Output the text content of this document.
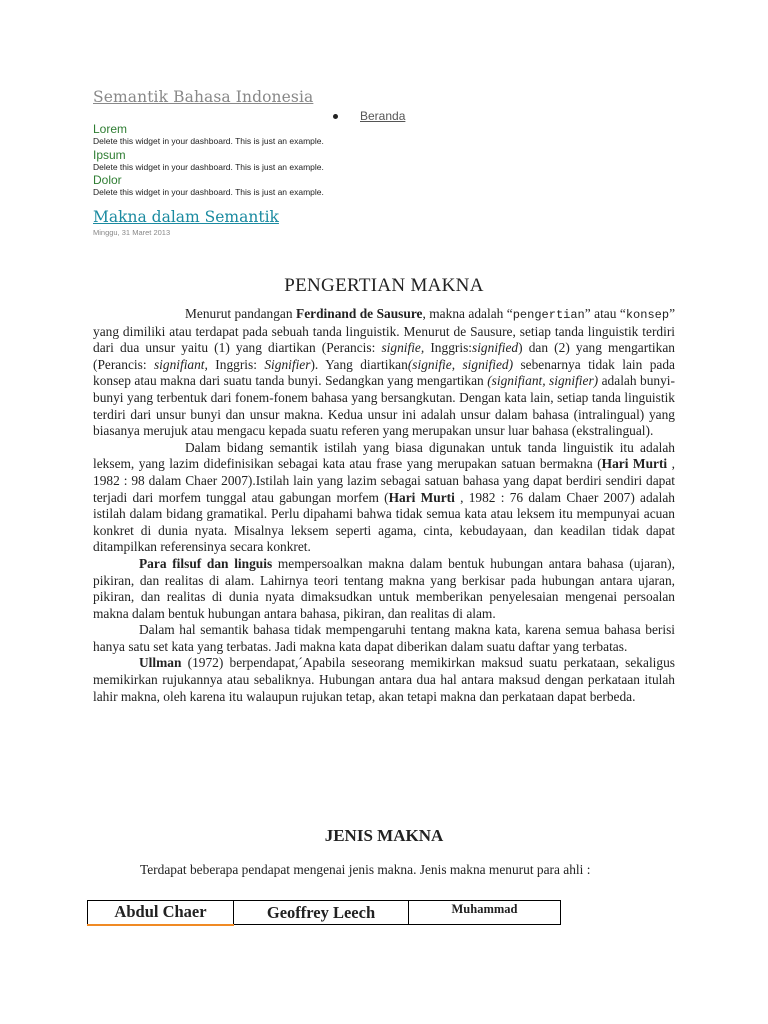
Semantik Bahasa Indonesia
Beranda
Lorem
Delete this widget in your dashboard. This is just an example.
Ipsum
Delete this widget in your dashboard. This is just an example.
Dolor
Delete this widget in your dashboard. This is just an example.
Makna dalam Semantik
Minggu, 31 Maret 2013
PENGERTIAN MAKNA

Menurut pandangan Ferdinand de Sausure, makna adalah “pengertian” atau “konsep” yang dimiliki atau terdapat pada sebuah tanda linguistik. Menurut de Sausure, setiap tanda linguistik terdiri dari dua unsur yaitu (1) yang diartikan (Perancis: signifie, Inggris:signified) dan (2) yang mengartikan (Perancis: signifiant, Inggris: Signifier). Yang diartikan(signifie, signified) sebenarnya tidak lain pada konsep atau makna dari suatu tanda bunyi. Sedangkan yang mengartikan (signifiant, signifier) adalah bunyi-bunyi yang terbentuk dari fonem-fonem bahasa yang bersangkutan. Dengan kata lain, setiap tanda linguistik terdiri dari unsur bunyi dan unsur makna. Kedua unsur ini adalah unsur dalam bahasa (intralingual) yang biasanya merujuk atau mengacu kepada suatu referen yang merupakan unsur luar bahasa (ekstralingual).

Dalam bidang semantik istilah yang biasa digunakan untuk tanda linguistik itu adalah leksem, yang lazim didefinisikan sebagai kata atau frase yang merupakan satuan bermakna (Hari Murti , 1982 : 98 dalam Chaer 2007).Istilah lain yang lazim sebagai satuan bahasa yang dapat berdiri sendiri dapat terjadi dari morfem tunggal atau gabungan morfem (Hari Murti , 1982 : 76 dalam Chaer 2007) adalah istilah dalam bidang gramatikal. Perlu dipahami bahwa tidak semua kata atau leksem itu mempunyai acuan konkret di dunia nyata. Misalnya leksem seperti agama, cinta, kebudayaan, dan keadilan tidak dapat ditampilkan referensinya secara konkret.

Para filsuf dan linguis mempersoalkan makna dalam bentuk hubungan antara bahasa (ujaran), pikiran, dan realitas di alam. Lahirnya teori tentang makna yang berkisar pada hubungan antara ujaran, pikiran, dan realitas di dunia nyata dimaksudkan untuk memberikan penyelesaian mengenai persoalan makna dalam bentuk hubungan antara bahasa, pikiran, dan realitas di alam.

Dalam hal semantik bahasa tidak mempengaruhi tentang makna kata, karena semua bahasa berisi hanya satu set kata yang terbatas. Jadi makna kata dapat diberikan dalam suatu daftar yang terbatas.

Ullman (1972) berpendapat,´Apabila seseorang memikirkan maksud suatu perkataan, sekaligus memikirkan rujukannya atau sebaliknya. Hubungan antara dua hal antara maksud dengan perkataan itulah lahir makna, oleh karena itu walaupun rujukan tetap, akan tetapi makna dan perkataan dapat berbeda.

JENIS MAKNA
Terdapat beberapa pendapat mengenai jenis makna. Jenis makna menurut para ahli :
Abdul Chaer	Geoffrey Leech	Muhammad
